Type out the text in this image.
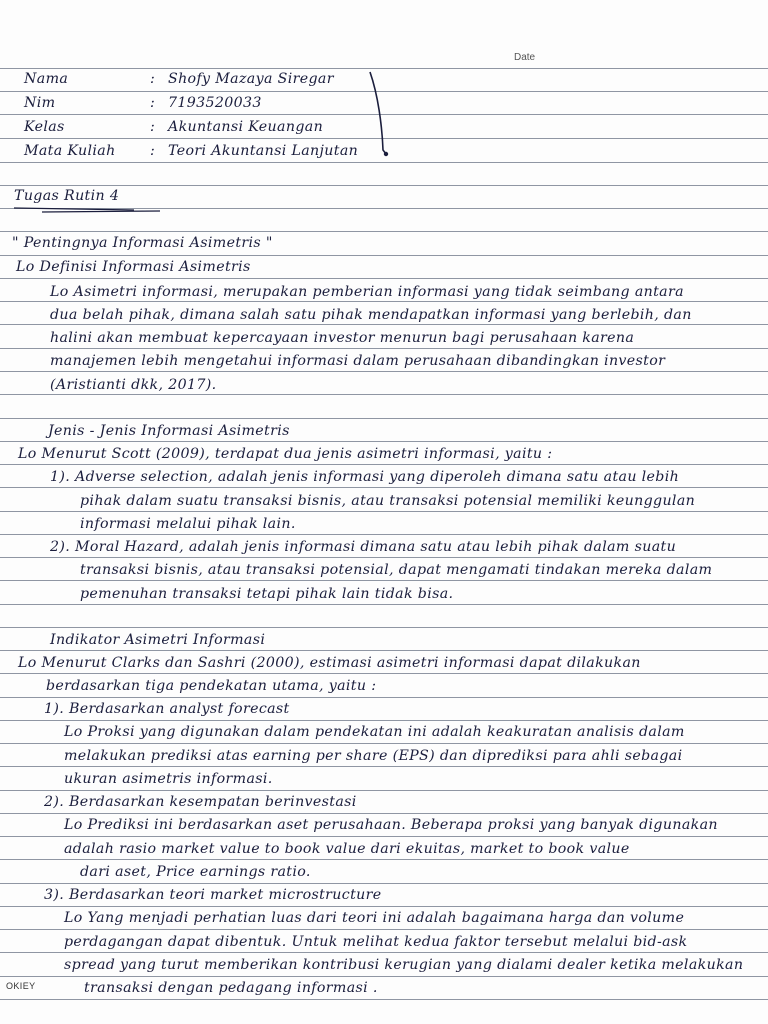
Date
Nama	: Shofy Mazaya Siregar
Nim	: 7193520033
Kelas	: Akuntansi Keuangan
Mata Kuliah : Teori Akuntansi Lanjutan
Tugas Rutin 4
" Pentingnya Informasi Asimetris "
Lo Definisi Informasi Asimetris
Lo Asimetri informasi, merupakan pemberian informasi yang tidak seimbang antara
dua belah pihak, dimana salah satu pihak mendapatkan informasi yang berlebih, dan
halini akan membuat kepercayaan investor menurun bagi perusahaan karena
manajemen lebih mengetahui informasi dalam perusahaan dibandingkan investor
(Aristianti dkk, 2017).
Jenis - Jenis Informasi Asimetris
Lo Menurut Scott (2009), terdapat dua jenis asimetri informasi, yaitu :
1). Adverse selection, adalah jenis informasi yang diperoleh dimana satu atau lebih
pihak dalam suatu transaksi bisnis, atau transaksi potensial memiliki keunggulan
informasi melalui pihak lain.
2). Moral Hazard, adalah jenis informasi dimana satu atau lebih pihak dalam suatu
transaksi bisnis, atau transaksi potensial, dapat mengamati tindakan mereka dalam
pemenuhan transaksi tetapi pihak lain tidak bisa.
Indikator Asimetri Informasi
Lo Menurut Clarks dan Sashri (2000), estimasi asimetri informasi dapat dilakukan
berdasarkan tiga pendekatan utama, yaitu :
1). Berdasarkan analyst forecast
Lo Proksi yang digunakan dalam pendekatan ini adalah keakuratan analisis dalam
melakukan prediksi atas earning per share (EPS) dan diprediksi para ahli sebagai
ukuran asimetris informasi.
2). Berdasarkan kesempatan berinvestasi
Lo Prediksi ini berdasarkan aset perusahaan. Beberapa proksi yang banyak digunakan
adalah rasio market value to book value dari ekuitas, market to book value
dari aset, Price earnings ratio.
3). Berdasarkan teori market microstructure
Lo Yang menjadi perhatian luas dari teori ini adalah bagaimana harga dan volume
perdagangan dapat dibentuk. Untuk melihat kedua faktor tersebut melalui bid-ask
spread yang turut memberikan kontribusi kerugian yang dialami dealer ketika melakukan
transaksi dengan pedagang informasi .
OKIEY
